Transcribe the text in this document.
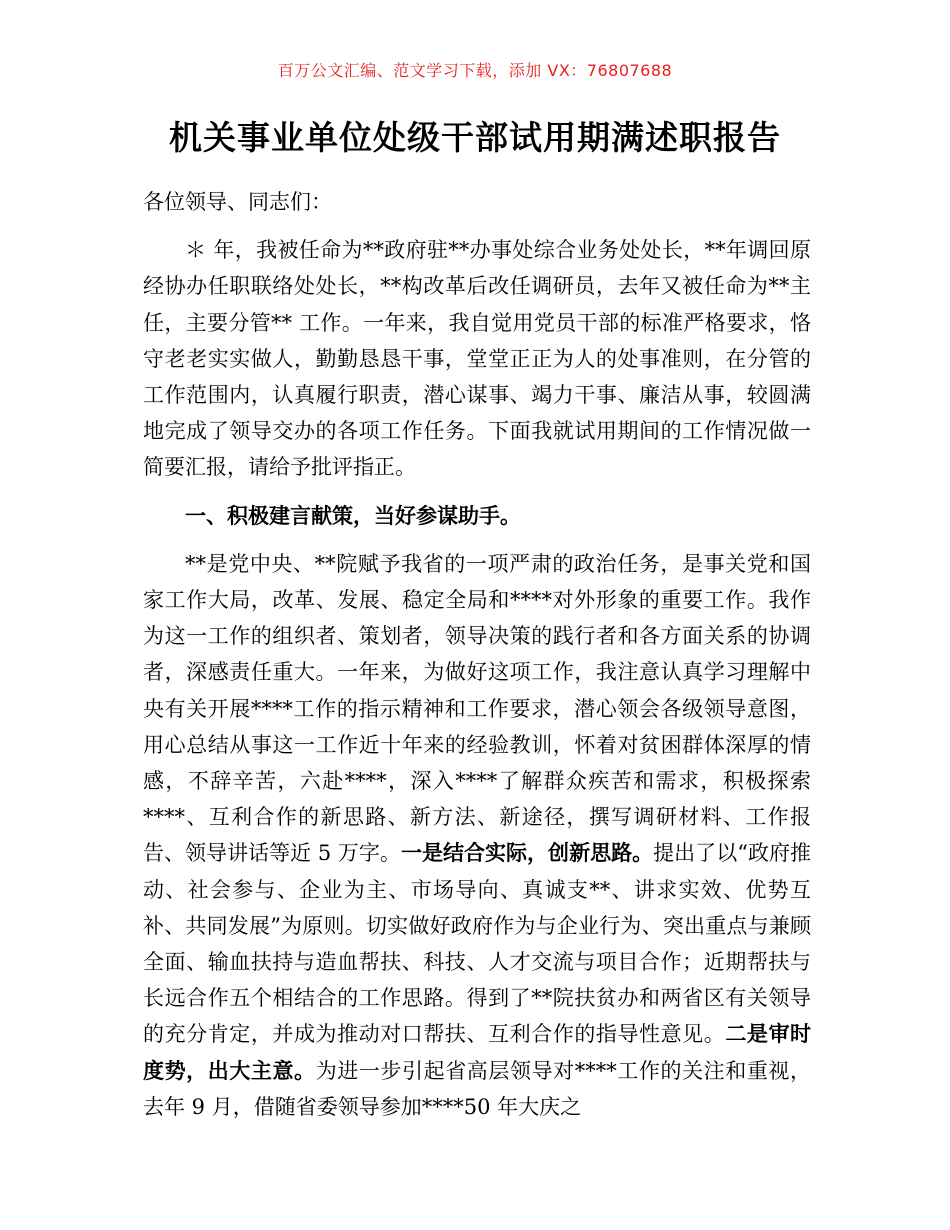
百万公文汇编、范文学习下载，添加 VX：76807688
机关事业单位处级干部试用期满述职报告

各位领导、同志们：

＊ 年，我被任命为**政府驻**办事处综合业务处处长，**年调回原经协办任职联络处处长，**构改革后改任调研员，去年又被任命为**主任，主要分管** 工作。一年来，我自觉用党员干部的标准严格要求，恪守老老实实做人，勤勤恳恳干事，堂堂正正为人的处事准则，在分管的工作范围内，认真履行职责，潜心谋事、竭力干事、廉洁从事，较圆满地完成了领导交办的各项工作任务。下面我就试用期间的工作情况做一简要汇报，请给予批评指正。

一、积极建言献策，当好参谋助手。

**是党中央、**院赋予我省的一项严肃的政治任务，是事关党和国家工作大局，改革、发展、稳定全局和****对外形象的重要工作。我作为这一工作的组织者、策划者，领导决策的践行者和各方面关系的协调者，深感责任重大。一年来，为做好这项工作，我注意认真学习理解中央有关开展****工作的指示精神和工作要求，潜心领会各级领导意图，用心总结从事这一工作近十年来的经验教训，怀着对贫困群体深厚的情感，不辞辛苦，六赴****，深入****了解群众疾苦和需求，积极探索****、互利合作的新思路、新方法、新途径，撰写调研材料、工作报告、领导讲话等近 5 万字。一是结合实际，创新思路。提出了以“政府推动、社会参与、企业为主、市场导向、真诚支**、讲求实效、优势互补、共同发展”为原则。切实做好政府作为与企业行为、突出重点与兼顾全面、输血扶持与造血帮扶、科技、人才交流与项目合作；近期帮扶与长远合作五个相结合的工作思路。得到了**院扶贫办和两省区有关领导的充分肯定，并成为推动对口帮扶、互利合作的指导性意见。二是审时度势，出大主意。为进一步引起省高层领导对****工作的关注和重视，去年 9 月，借随省委领导参加****50 年大庆之
